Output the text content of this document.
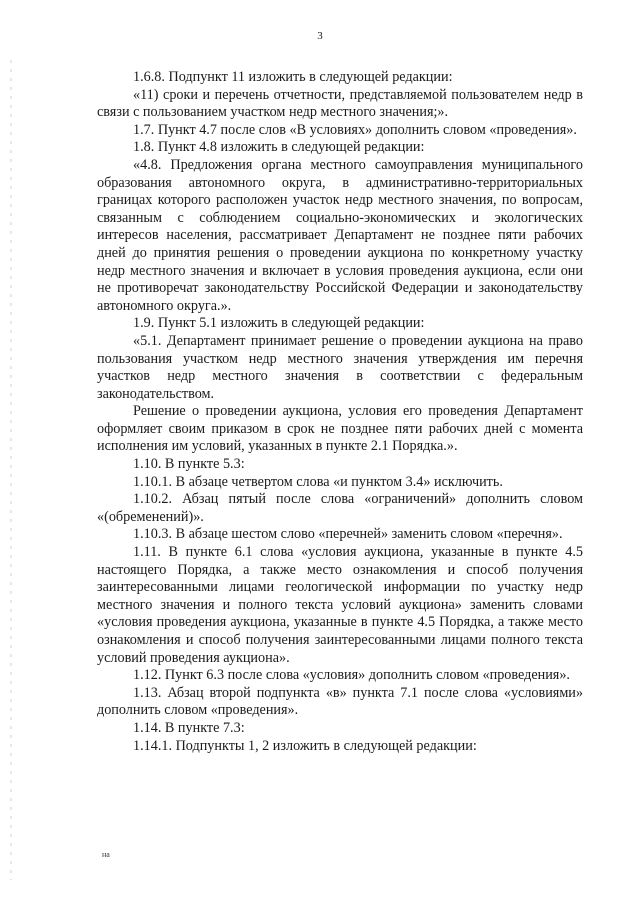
3

1.6.8. Подпункт 11 изложить в следующей редакции:

«11) сроки и перечень отчетности, представляемой пользователем недр в связи с пользованием участком недр местного значения;».

1.7. Пункт 4.7 после слов «В условиях» дополнить словом «проведения».

1.8. Пункт 4.8 изложить в следующей редакции:

«4.8. Предложения органа местного самоуправления муниципального образования автономного округа, в административно-территориальных границах которого расположен участок недр местного значения, по вопросам, связанным с соблюдением социально-экономических и экологических интересов населения, рассматривает Департамент не позднее пяти рабочих дней до принятия решения о проведении аукциона по конкретному участку недр местного значения и включает в условия проведения аукциона, если они не противоречат законодательству Российской Федерации и законодательству автономного округа.».

1.9. Пункт 5.1 изложить в следующей редакции:

«5.1. Департамент принимает решение о проведении аукциона на право пользования участком недр местного значения утверждения им перечня участков недр местного значения в соответствии с федеральным законодательством.

Решение о проведении аукциона, условия его проведения Департамент оформляет своим приказом в срок не позднее пяти рабочих дней с момента исполнения им условий, указанных в пункте 2.1 Порядка.».

1.10. В пункте 5.3:

1.10.1. В абзаце четвертом слова «и пунктом 3.4» исключить.

1.10.2. Абзац пятый после слова «ограничений» дополнить словом «(обременений)».

1.10.3. В абзаце шестом слово «перечней» заменить словом «перечня».

1.11. В пункте 6.1 слова «условия аукциона, указанные в пункте 4.5 настоящего Порядка, а также место ознакомления и способ получения заинтересованными лицами геологической информации по участку недр местного значения и полного текста условий аукциона» заменить словами «условия проведения аукциона, указанные в пункте 4.5 Порядка, а также место ознакомления и способ получения заинтересованными лицами полного текста условий проведения аукциона».

1.12. Пункт 6.3 после слова «условия» дополнить словом «проведения».

1.13. Абзац второй подпункта «в» пункта 7.1 после слова «условиями» дополнить словом «проведения».

1.14. В пункте 7.3:

1.14.1. Подпункты 1, 2 изложить в следующей редакции:

на
